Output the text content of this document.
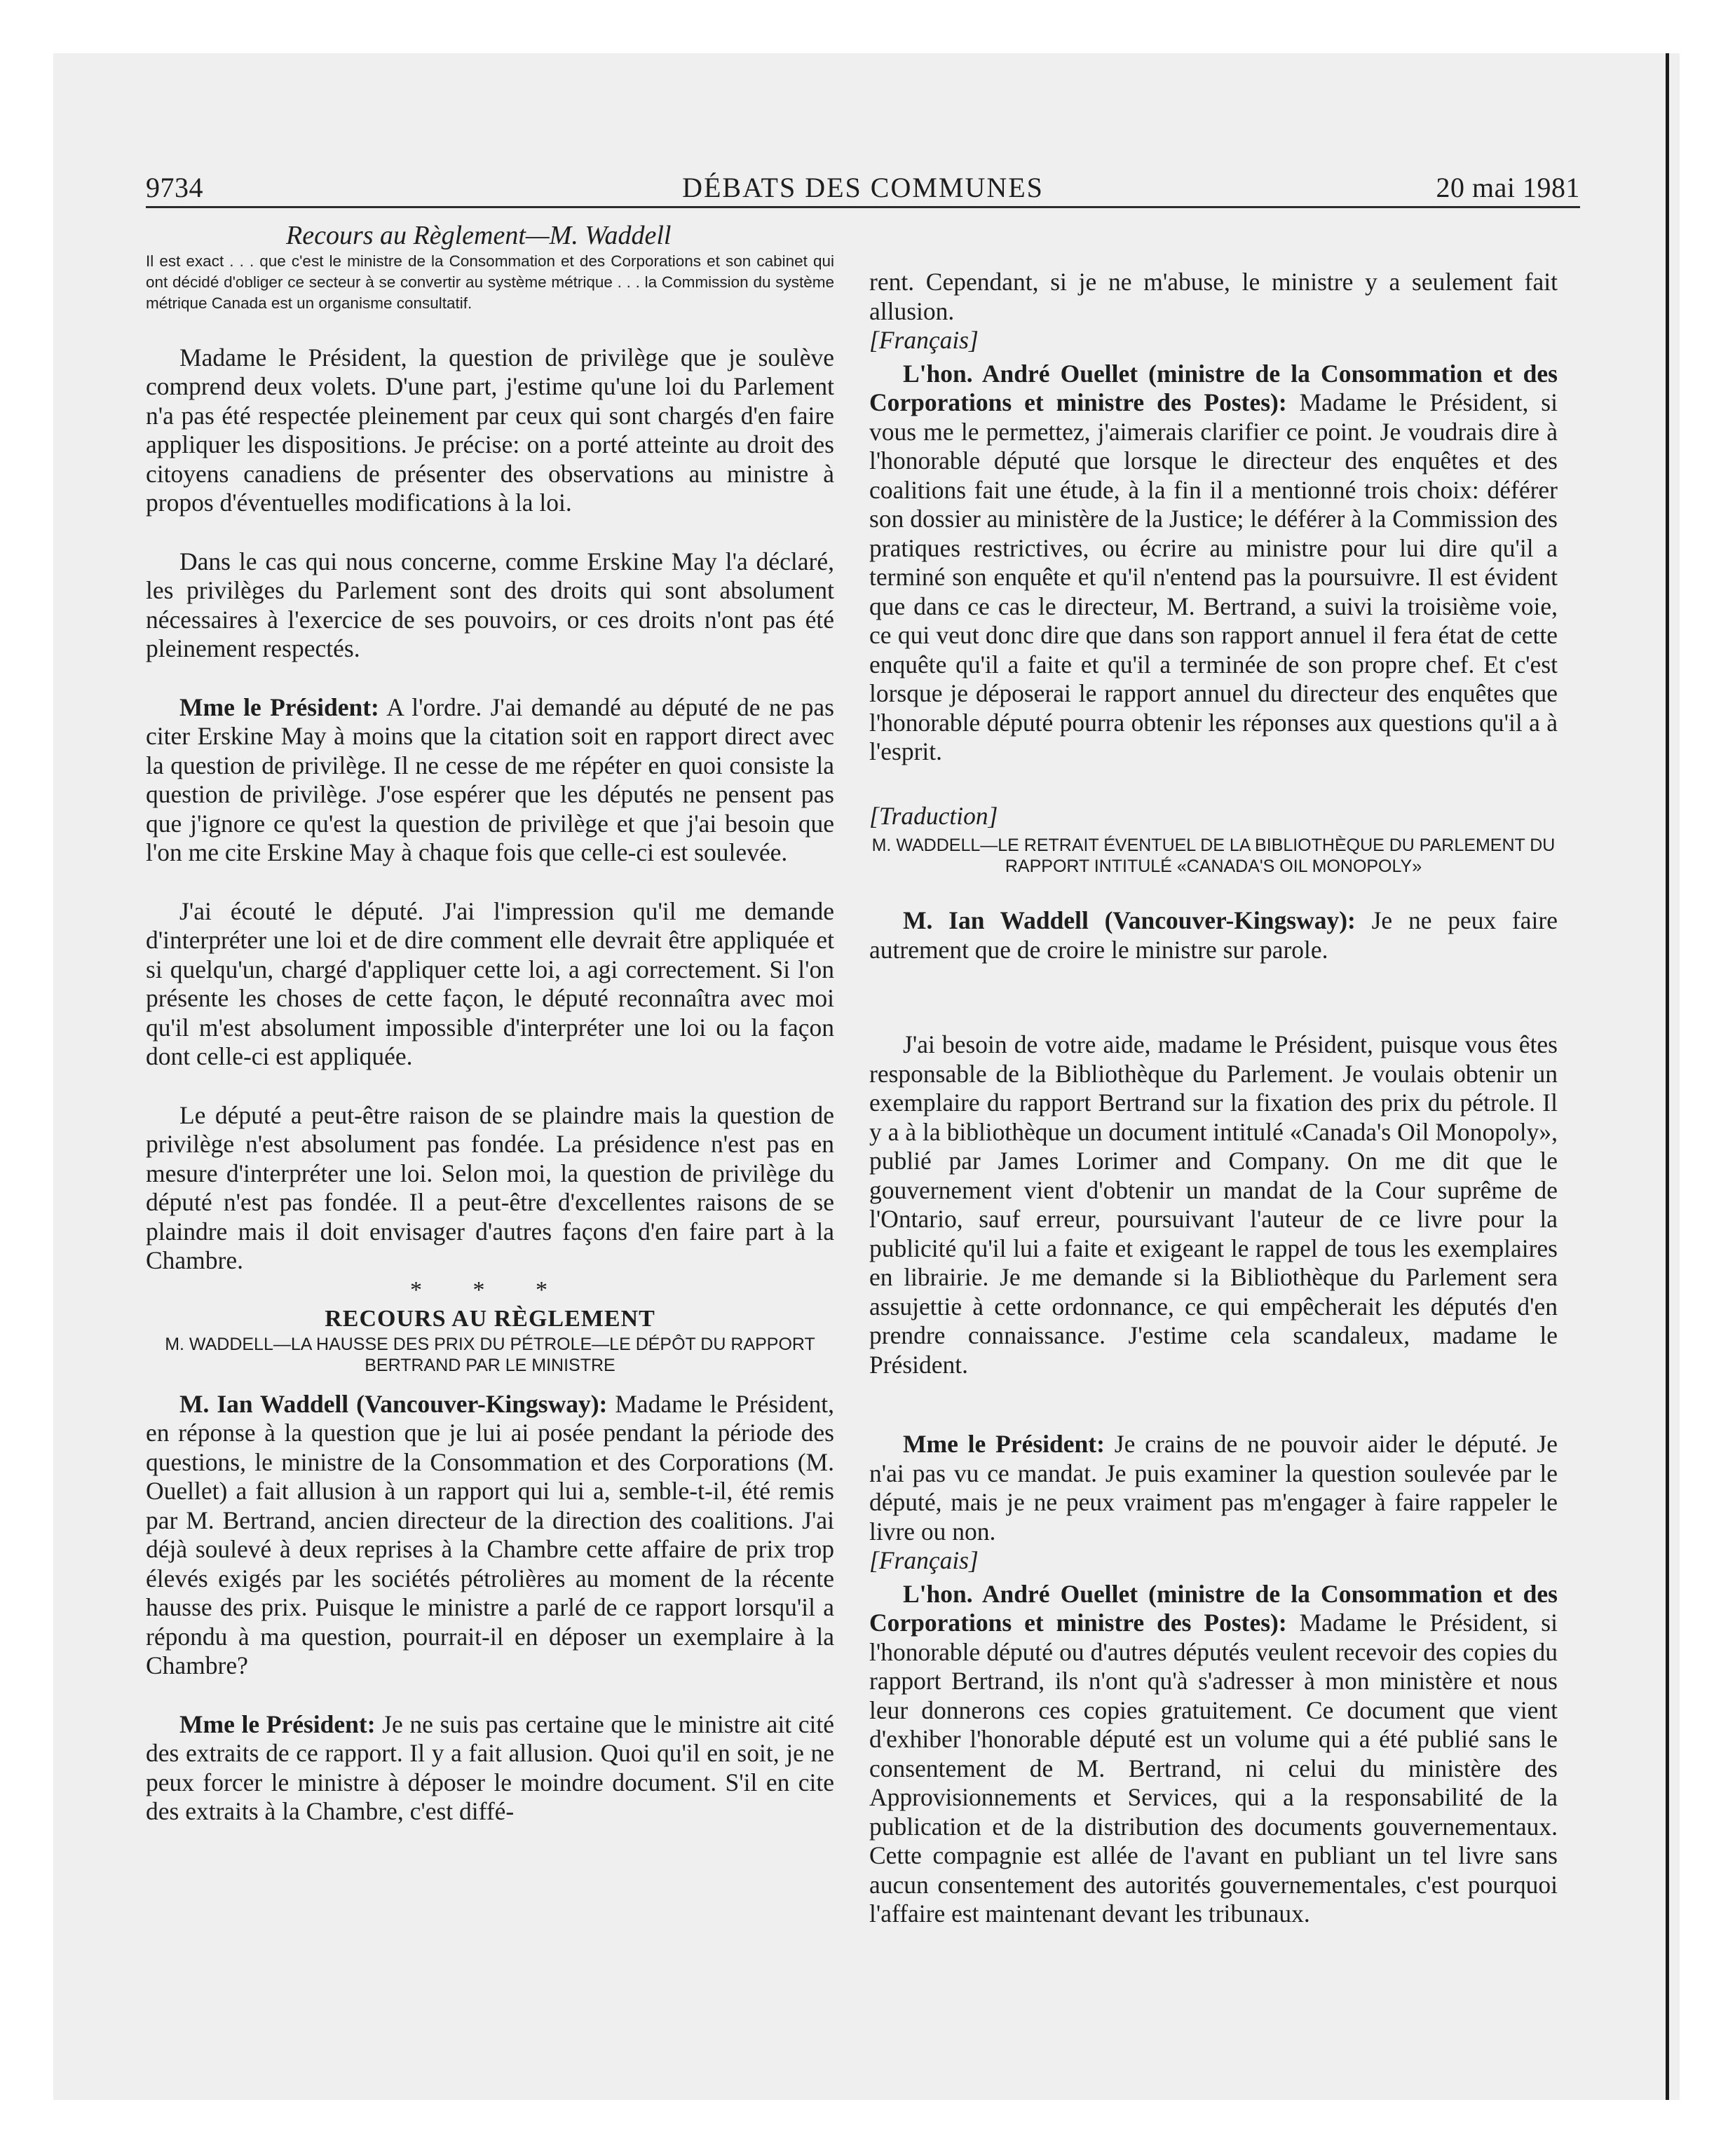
9734	DÉBATS DES COMMUNES	20 mai 1981

Recours au Règlement—M. Waddell

Il est exact . . . que c'est le ministre de la Consommation et des Corporations et son cabinet qui ont décidé d'obliger ce secteur à se convertir au système métrique . . . la Commission du système métrique Canada est un organisme consultatif.

Madame le Président, la question de privilège que je soulève comprend deux volets. D'une part, j'estime qu'une loi du Parlement n'a pas été respectée pleinement par ceux qui sont chargés d'en faire appliquer les dispositions. Je précise: on a porté atteinte au droit des citoyens canadiens de présenter des observations au ministre à propos d'éventuelles modifications à la loi.

Dans le cas qui nous concerne, comme Erskine May l'a déclaré, les privilèges du Parlement sont des droits qui sont absolument nécessaires à l'exercice de ses pouvoirs, or ces droits n'ont pas été pleinement respectés.

Mme le Président: A l'ordre. J'ai demandé au député de ne pas citer Erskine May à moins que la citation soit en rapport direct avec la question de privilège. Il ne cesse de me répéter en quoi consiste la question de privilège. J'ose espérer que les députés ne pensent pas que j'ignore ce qu'est la question de privilège et que j'ai besoin que l'on me cite Erskine May à chaque fois que celle-ci est soulevée.

J'ai écouté le député. J'ai l'impression qu'il me demande d'interpréter une loi et de dire comment elle devrait être appliquée et si quelqu'un, chargé d'appliquer cette loi, a agi correctement. Si l'on présente les choses de cette façon, le député reconnaîtra avec moi qu'il m'est absolument impossible d'interpréter une loi ou la façon dont celle-ci est appliquée.

Le député a peut-être raison de se plaindre mais la question de privilège n'est absolument pas fondée. La présidence n'est pas en mesure d'interpréter une loi. Selon moi, la question de privilège du député n'est pas fondée. Il a peut-être d'excellentes raisons de se plaindre mais il doit envisager d'autres façons d'en faire part à la Chambre.

* * *

RECOURS AU RÈGLEMENT

M. WADDELL—LA HAUSSE DES PRIX DU PÉTROLE—LE DÉPÔT DU RAPPORT BERTRAND PAR LE MINISTRE

M. Ian Waddell (Vancouver-Kingsway): Madame le Président, en réponse à la question que je lui ai posée pendant la période des questions, le ministre de la Consommation et des Corporations (M. Ouellet) a fait allusion à un rapport qui lui a, semble-t-il, été remis par M. Bertrand, ancien directeur de la direction des coalitions. J'ai déjà soulevé à deux reprises à la Chambre cette affaire de prix trop élevés exigés par les sociétés pétrolières au moment de la récente hausse des prix. Puisque le ministre a parlé de ce rapport lorsqu'il a répondu à ma question, pourrait-il en déposer un exemplaire à la Chambre?

Mme le Président: Je ne suis pas certaine que le ministre ait cité des extraits de ce rapport. Il y a fait allusion. Quoi qu'il en soit, je ne peux forcer le ministre à déposer le moindre document. S'il en cite des extraits à la Chambre, c'est diffé-

rent. Cependant, si je ne m'abuse, le ministre y a seulement fait allusion.

[Français]

L'hon. André Ouellet (ministre de la Consommation et des Corporations et ministre des Postes): Madame le Président, si vous me le permettez, j'aimerais clarifier ce point. Je voudrais dire à l'honorable député que lorsque le directeur des enquêtes et des coalitions fait une étude, à la fin il a mentionné trois choix: déférer son dossier au ministère de la Justice; le déférer à la Commission des pratiques restrictives, ou écrire au ministre pour lui dire qu'il a terminé son enquête et qu'il n'entend pas la poursuivre. Il est évident que dans ce cas le directeur, M. Bertrand, a suivi la troisième voie, ce qui veut donc dire que dans son rapport annuel il fera état de cette enquête qu'il a faite et qu'il a terminée de son propre chef. Et c'est lorsque je déposerai le rapport annuel du directeur des enquêtes que l'honorable député pourra obtenir les réponses aux questions qu'il a à l'esprit.

[Traduction]

M. WADDELL—LE RETRAIT ÉVENTUEL DE LA BIBLIOTHÈQUE DU PARLEMENT DU RAPPORT INTITULÉ «CANADA'S OIL MONOPOLY»

M. Ian Waddell (Vancouver-Kingsway): Je ne peux faire autrement que de croire le ministre sur parole.

J'ai besoin de votre aide, madame le Président, puisque vous êtes responsable de la Bibliothèque du Parlement. Je voulais obtenir un exemplaire du rapport Bertrand sur la fixation des prix du pétrole. Il y a à la bibliothèque un document intitulé «Canada's Oil Monopoly», publié par James Lorimer and Company. On me dit que le gouvernement vient d'obtenir un mandat de la Cour suprême de l'Ontario, sauf erreur, poursuivant l'auteur de ce livre pour la publicité qu'il lui a faite et exigeant le rappel de tous les exemplaires en librairie. Je me demande si la Bibliothèque du Parlement sera assujettie à cette ordonnance, ce qui empêcherait les députés d'en prendre connaissance. J'estime cela scandaleux, madame le Président.

Mme le Président: Je crains de ne pouvoir aider le député. Je n'ai pas vu ce mandat. Je puis examiner la question soulevée par le député, mais je ne peux vraiment pas m'engager à faire rappeler le livre ou non.

[Français]

L'hon. André Ouellet (ministre de la Consommation et des Corporations et ministre des Postes): Madame le Président, si l'honorable député ou d'autres députés veulent recevoir des copies du rapport Bertrand, ils n'ont qu'à s'adresser à mon ministère et nous leur donnerons ces copies gratuitement. Ce document que vient d'exhiber l'honorable député est un volume qui a été publié sans le consentement de M. Bertrand, ni celui du ministère des Approvisionnements et Services, qui a la responsabilité de la publication et de la distribution des documents gouvernementaux. Cette compagnie est allée de l'avant en publiant un tel livre sans aucun consentement des autorités gouvernementales, c'est pourquoi l'affaire est maintenant devant les tribunaux.
